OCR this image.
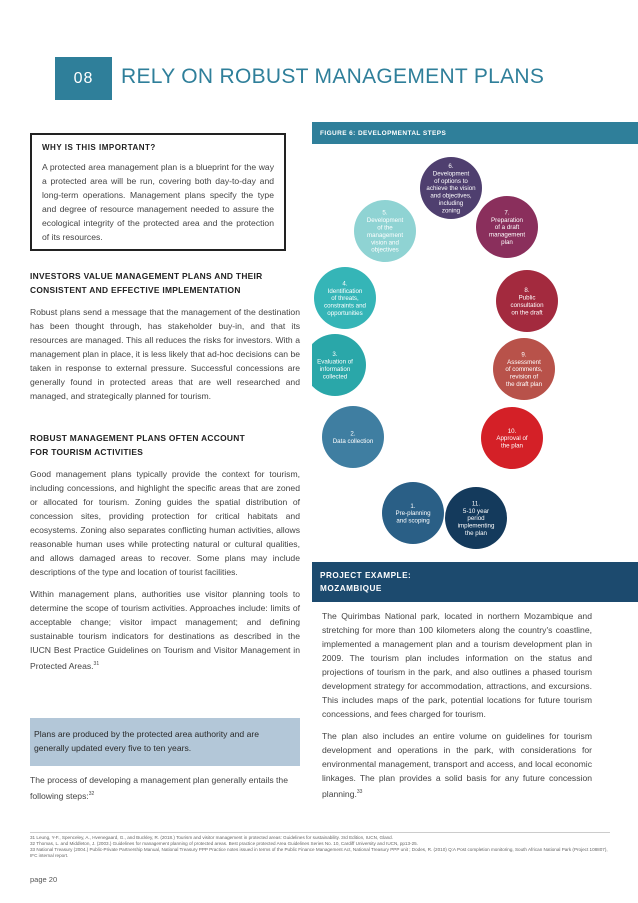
08	RELY ON ROBUST MANAGEMENT PLANS
WHY IS THIS IMPORTANT?
A protected area management plan is a blueprint for the way a protected area will be run, covering both day-to-day and long-term operations. Management plans specify the type and degree of resource management needed to assure the ecological integrity of the protected area and the protection of its resources.
INVESTORS VALUE MANAGEMENT PLANS AND THEIR CONSISTENT AND EFFECTIVE IMPLEMENTATION
Robust plans send a message that the management of the destination has been thought through, has stakeholder buy-in, and that its resources are managed. This all reduces the risks for investors. With a management plan in place, it is less likely that ad-hoc decisions can be taken in response to external pressure. Successful concessions are generally found in protected areas that are well researched and managed, and strategically planned for tourism.
ROBUST MANAGEMENT PLANS OFTEN ACCOUNT FOR TOURISM ACTIVITIES
Good management plans typically provide the context for tourism, including concessions, and highlight the specific areas that are zoned or allocated for tourism. Zoning guides the spatial distribution of concession sites, providing protection for critical habitats and ecosystems. Zoning also separates conflicting human activities, allows reasonable human uses while protecting natural or cultural qualities, and allows damaged areas to recover. Some plans may include descriptions of the type and location of tourist facilities.
Within management plans, authorities use visitor planning tools to determine the scope of tourism activities. Approaches include: limits of acceptable change; visitor impact management; and defining sustainable tourism indicators for destinations as described in the IUCN Best Practice Guidelines on Tourism and Visitor Management in Protected Areas.$^{31}$
Plans are produced by the protected area authority and are generally updated every five to ten years.
The process of developing a management plan generally entails the following steps:$^{32}$
FIGURE 6: DEVELOPMENTAL STEPS
1.
Pre-planning
and scoping
2.
Data collection
3.
Evaluation of
information
collected
4.
Identification
of threats,
constraints and
opportunities
5.
Development
of the
management
vision and
objectives
6.
Development
of options to
achieve the vision
and objectives,
including
zoning	7.
Preparation
of a draft
management
plan
8.
Public
consultation
on the draft
9.
Assessment
of comments,
revision of
the draft plan
10.
Approval of
the plan
11.
5-10 year
period
implementing
the plan
PROJECT EXAMPLE:
MOZAMBIQUE
The Quirimbas National park, located in northern Mozambique and stretching for more than 100 kilometers along the country's coastline, implemented a management plan and a tourism development plan in 2009. The tourism plan includes information on the status and projections of tourism in the park, and also outlines a phased tourism development strategy for accommodation, attractions, and excursions. This includes maps of the park, potential locations for future tourism concessions, and fees charged for tourism.
The plan also includes an entire volume on guidelines for tourism development and operations in the park, with considerations for environmental management, transport and access, and local economic linkages. The plan provides a solid basis for any future concession planning.$^{33}$
31 Leung, Y-F., Spenceley, A., Hvenegaard, G., and Buckley, R. (2018.) Tourism and visitor management in protected areas: Guidelines for sustainability. 3rd Edition, IUCN, Gland.
32 Thomas, L. and Middleton, J. (2003.) Guidelines for management planning of protected areas. Best practice protected Area Guidelines Series No. 10, Cardiff University and IUCN, pp13-25.
33 National Treasury (2004.) Public-Private Partnership Manual, National Treasury PPP Practice notes issued in terms of the Public Finance Management Act, National Treasury PPP unit ; Dodes, R. (2010) Q:A Post completion monitoring, South African National Park (Project 108807), IFC internal report.
page 20
